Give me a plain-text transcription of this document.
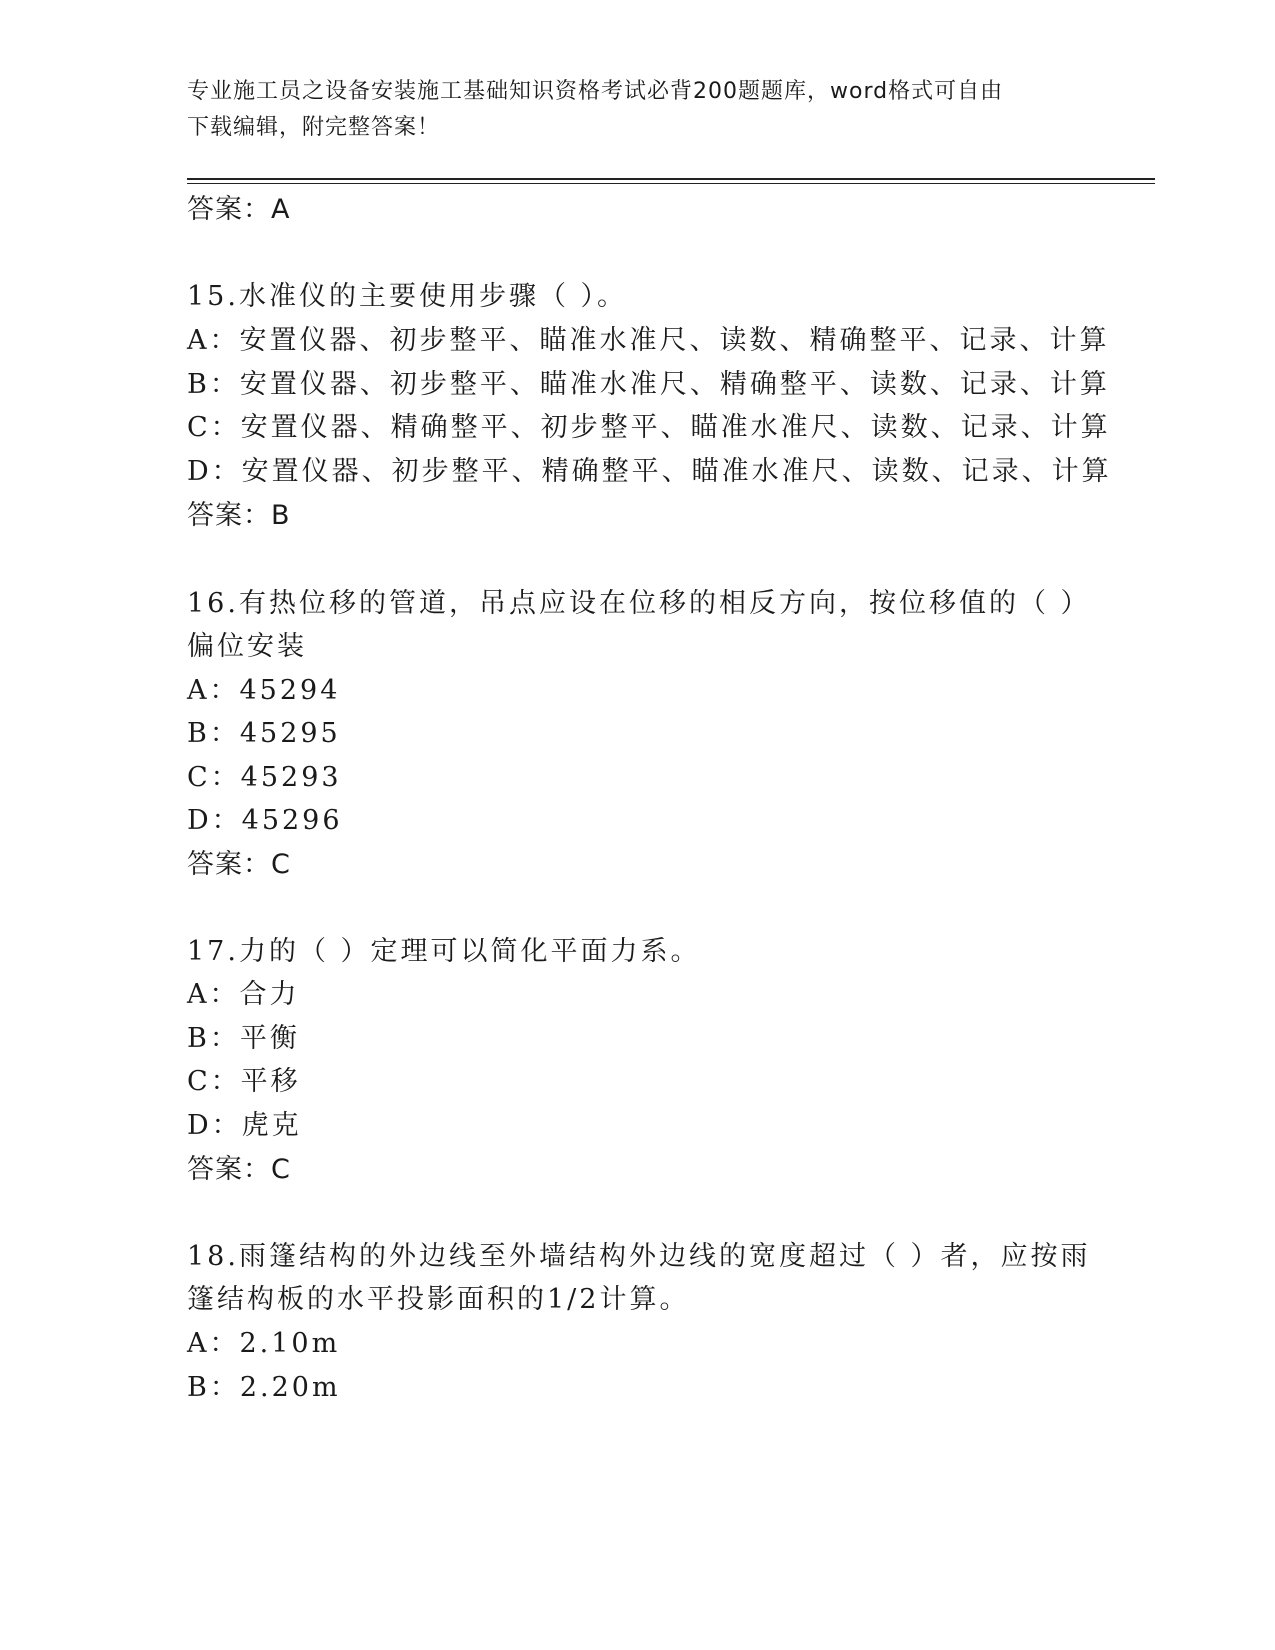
专业施工员之设备安装施工基础知识资格考试必背200题题库，word格式可自由
下载编辑，附完整答案！
答案：A
15.水准仪的主要使用步骤（ ）。
A：安置仪器、初步整平、瞄准水准尺、读数、精确整平、记录、计算
B：安置仪器、初步整平、瞄准水准尺、精确整平、读数、记录、计算
C：安置仪器、精确整平、初步整平、瞄准水准尺、读数、记录、计算
D：安置仪器、初步整平、精确整平、瞄准水准尺、读数、记录、计算
答案：B
16.有热位移的管道，吊点应设在位移的相反方向，按位移值的（ ）
偏位安装
A：45294
B：45295
C：45293
D：45296
答案：C
17.力的（ ）定理可以简化平面力系。
A：合力
B：平衡
C：平移
D：虎克
答案：C
18.雨篷结构的外边线至外墙结构外边线的宽度超过（ ）者，应按雨
篷结构板的水平投影面积的1/2计算。
A：2.10m
B：2.20m
